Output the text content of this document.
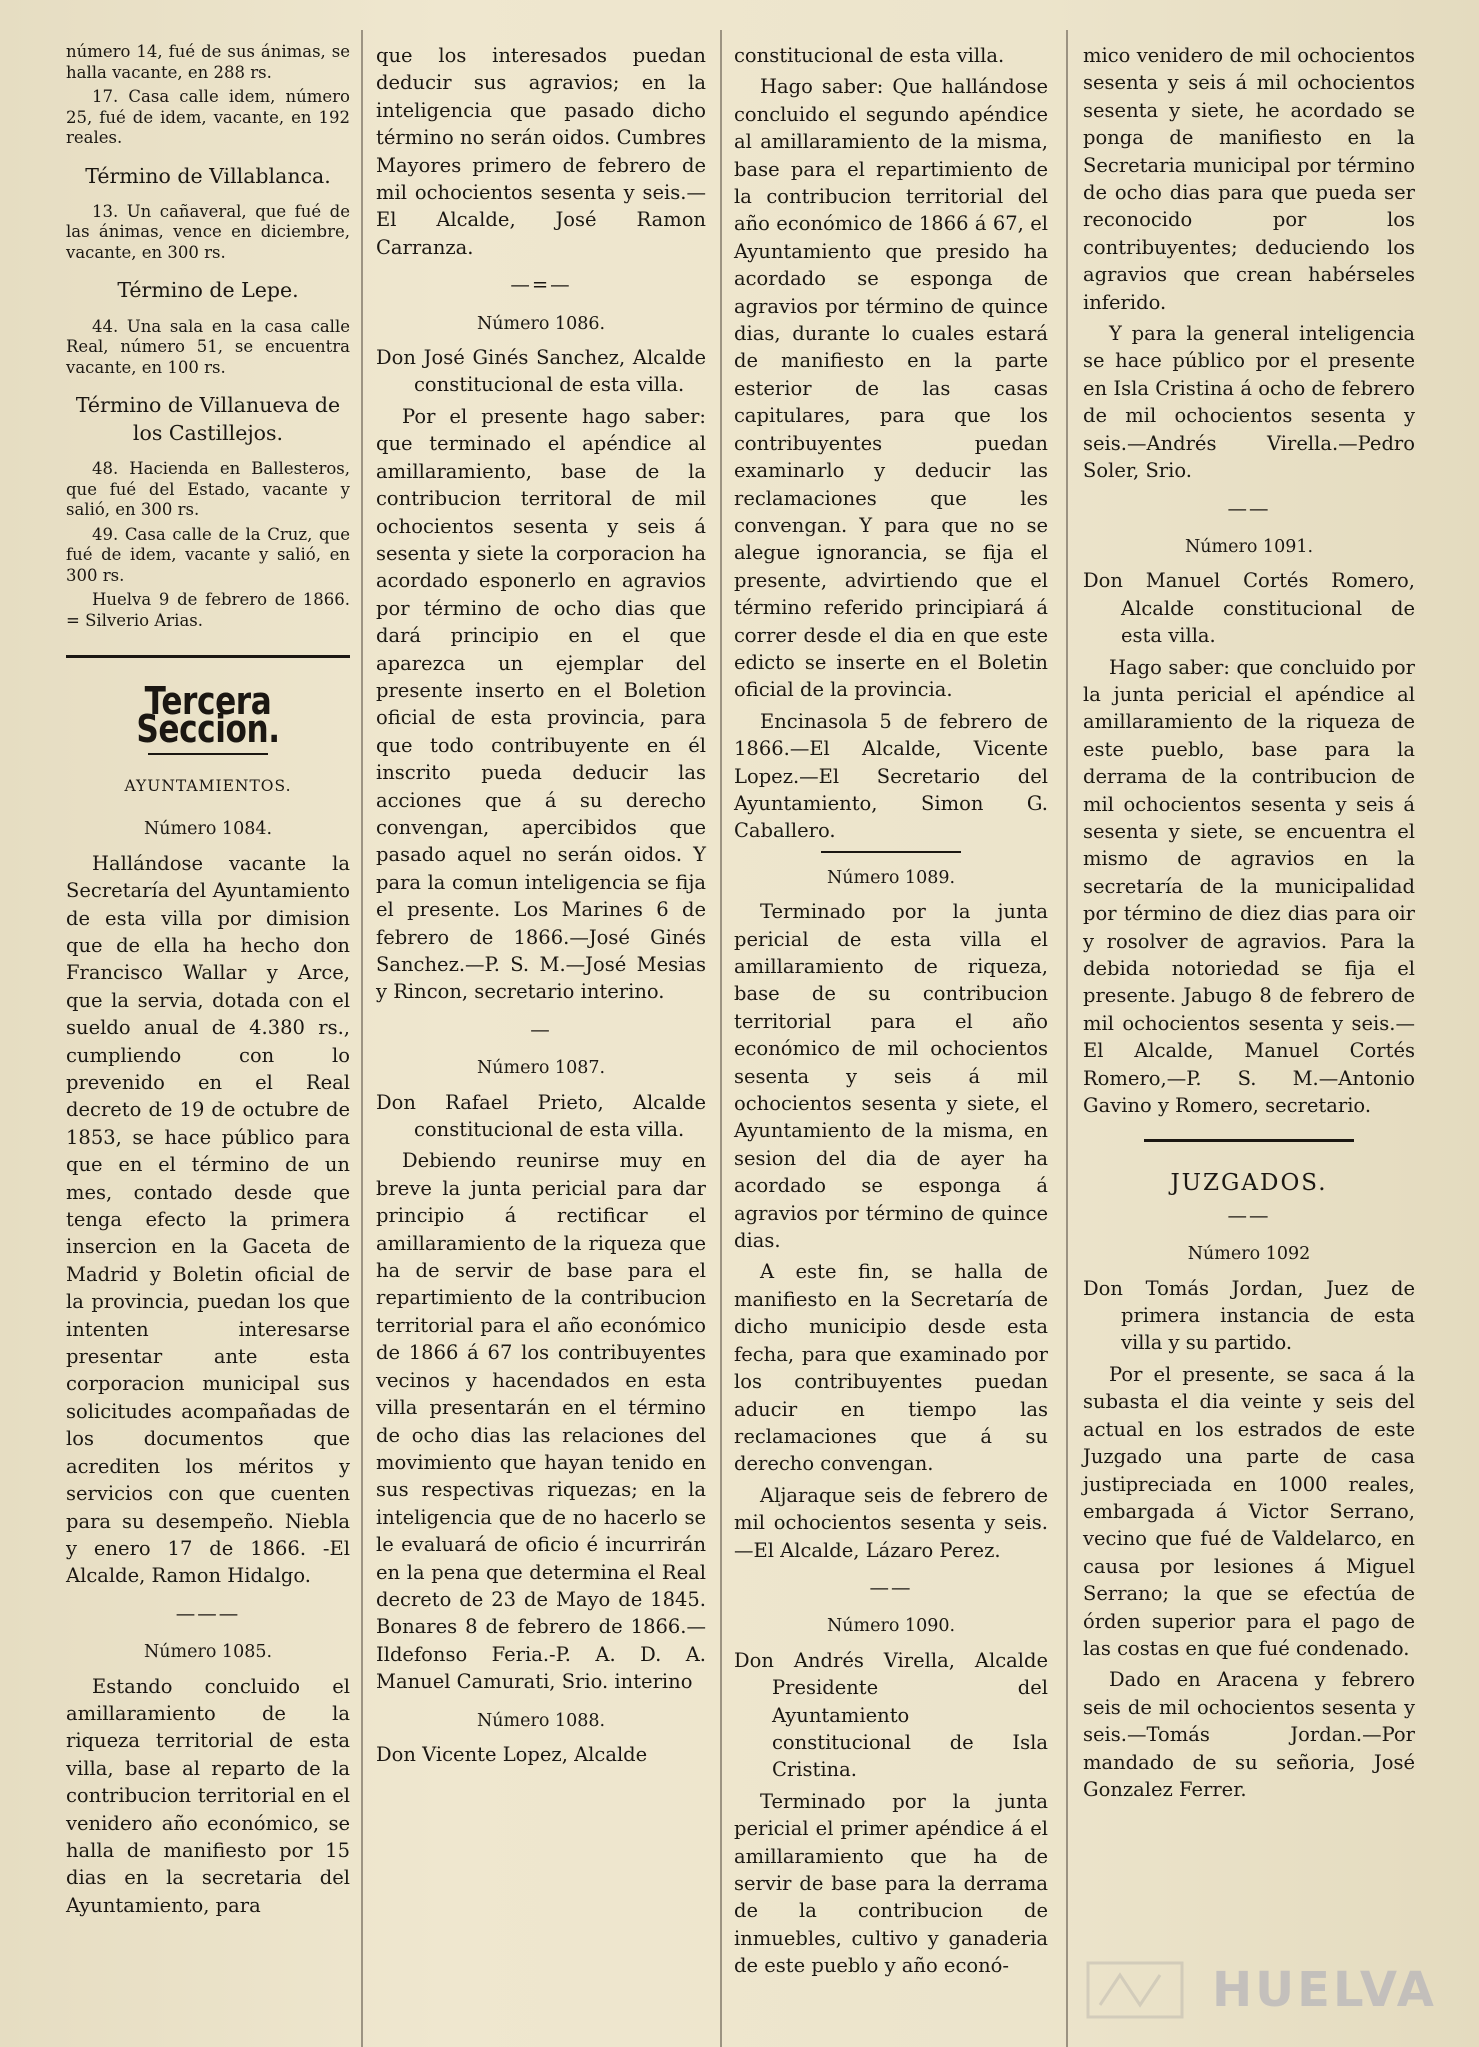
número 14, fué de sus ánimas, se halla vacante, en 288 rs.

17. Casa calle idem, número 25, fué de idem, vacante, en 192 reales.

Término de Villablanca.

13. Un cañaveral, que fué de las ánimas, vence en diciembre, vacante, en 300 rs.

Término de Lepe.

44. Una sala en la casa calle Real, número 51, se encuentra vacante, en 100 rs.

Término de Villanueva de los Castillejos.

48. Hacienda en Ballesteros, que fué del Estado, vacante y salió, en 300 rs.

49. Casa calle de la Cruz, que fué de idem, vacante y salió, en 300 rs.

Huelva 9 de febrero de 1866. = Silverio Arias.

Tercera Seccion.
AYUNTAMIENTOS.
Número 1084.

Hallándose vacante la Secretaría del Ayuntamiento de esta villa por dimision que de ella ha hecho don Francisco Wallar y Arce, que la servia, dotada con el sueldo anual de 4.380 rs., cumpliendo con lo prevenido en el Real decreto de 19 de octubre de 1853, se hace público para que en el término de un mes, contado desde que tenga efecto la primera insercion en la Gaceta de Madrid y Boletin oficial de la provincia, puedan los que intenten interesarse presentar ante esta corporacion municipal sus solicitudes acompañadas de los documentos que acrediten los méritos y servicios con que cuenten para su desempeño. Niebla y enero 17 de 1866. -El Alcalde, Ramon Hidalgo.

———
Número 1085.

Estando concluido el amillaramiento de la riqueza territorial de esta villa, base al reparto de la contribucion territorial en el venidero año económico, se halla de manifiesto por 15 dias en la secretaria del Ayuntamiento, para

que los interesados puedan deducir sus agravios; en la inteligencia que pasado dicho término no serán oidos. Cumbres Mayores primero de febrero de mil ochocientos sesenta y seis.—El Alcalde, José Ramon Carranza.

—=—
Número 1086.

Don José Ginés Sanchez, Alcalde constitucional de esta villa.

Por el presente hago saber: que terminado el apéndice al amillaramiento, base de la contribucion territoral de mil ochocientos sesenta y seis á sesenta y siete la corporacion ha acordado esponerlo en agravios por término de ocho dias que dará principio en el que aparezca un ejemplar del presente inserto en el Boletion oficial de esta provincia, para que todo contribuyente en él inscrito pueda deducir las acciones que á su derecho convengan, apercibidos que pasado aquel no serán oidos. Y para la comun inteligencia se fija el presente. Los Marines 6 de febrero de 1866.—José Ginés Sanchez.—P. S. M.—José Mesias y Rincon, secretario interino.

—
Número 1087.

Don Rafael Prieto, Alcalde constitucional de esta villa.

Debiendo reunirse muy en breve la junta pericial para dar principio á rectificar el amillaramiento de la riqueza que ha de servir de base para el repartimiento de la contribucion territorial para el año económico de 1866 á 67 los contribuyentes vecinos y hacendados en esta villa presentarán en el término de ocho dias las relaciones del movimiento que hayan tenido en sus respectivas riquezas; en la inteligencia que de no hacerlo se le evaluará de oficio é incurrirán en la pena que determina el Real decreto de 23 de Mayo de 1845. Bonares 8 de febrero de 1866.—Ildefonso Feria.-P. A. D. A. Manuel Camurati, Srio. interino

Número 1088.

Don Vicente Lopez, Alcalde

constitucional de esta villa.

Hago saber: Que hallándose concluido el segundo apéndice al amillaramiento de la misma, base para el repartimiento de la contribucion territorial del año económico de 1866 á 67, el Ayuntamiento que presido ha acordado se esponga de agravios por término de quince dias, durante lo cuales estará de manifiesto en la parte esterior de las casas capitulares, para que los contribuyentes puedan examinarlo y deducir las reclamaciones que les convengan. Y para que no se alegue ignorancia, se fija el presente, advirtiendo que el término referido principiará á correr desde el dia en que este edicto se inserte en el Boletin oficial de la provincia.

Encinasola 5 de febrero de 1866.—El Alcalde, Vicente Lopez.—El Secretario del Ayuntamiento, Simon G. Caballero.

Número 1089.

Terminado por la junta pericial de esta villa el amillaramiento de riqueza, base de su contribucion territorial para el año económico de mil ochocientos sesenta y seis á mil ochocientos sesenta y siete, el Ayuntamiento de la misma, en sesion del dia de ayer ha acordado se esponga á agravios por término de quince dias.

A este fin, se halla de manifiesto en la Secretaría de dicho municipio desde esta fecha, para que examinado por los contribuyentes puedan aducir en tiempo las reclamaciones que á su derecho convengan.

Aljaraque seis de febrero de mil ochocientos sesenta y seis.—El Alcalde, Lázaro Perez.

——
Número 1090.

Don Andrés Virella, Alcalde Presidente del Ayuntamiento constitucional de Isla Cristina.

Terminado por la junta pericial el primer apéndice á el amillaramiento que ha de servir de base para la derrama de la contribucion de inmuebles, cultivo y ganaderia de este pueblo y año econó-

mico venidero de mil ochocientos sesenta y seis á mil ochocientos sesenta y siete, he acordado se ponga de manifiesto en la Secretaria municipal por término de ocho dias para que pueda ser reconocido por los contribuyentes; deduciendo los agravios que crean habérseles inferido.

Y para la general inteligencia se hace público por el presente en Isla Cristina á ocho de febrero de mil ochocientos sesenta y seis.—Andrés Virella.—Pedro Soler, Srio.

——
Número 1091.

Don Manuel Cortés Romero, Alcalde constitucional de esta villa.

Hago saber: que concluido por la junta pericial el apéndice al amillaramiento de la riqueza de este pueblo, base para la derrama de la contribucion de mil ochocientos sesenta y seis á sesenta y siete, se encuentra el mismo de agravios en la secretaría de la municipalidad por término de diez dias para oir y rosolver de agravios. Para la debida notoriedad se fija el presente. Jabugo 8 de febrero de mil ochocientos sesenta y seis.—El Alcalde, Manuel Cortés Romero,—P. S. M.—Antonio Gavino y Romero, secretario.

JUZGADOS.
——
Número 1092

Don Tomás Jordan, Juez de primera instancia de esta villa y su partido.

Por el presente, se saca á la subasta el dia veinte y seis del actual en los estrados de este Juzgado una parte de casa justipreciada en 1000 reales, embargada á Victor Serrano, vecino que fué de Valdelarco, en causa por lesiones á Miguel Serrano; la que se efectúa de órden superior para el pago de las costas en que fué condenado.

Dado en Aracena y febrero seis de mil ochocientos sesenta y seis.—Tomás Jordan.—Por mandado de su señoria, José Gonzalez Ferrer.

HUELVA
